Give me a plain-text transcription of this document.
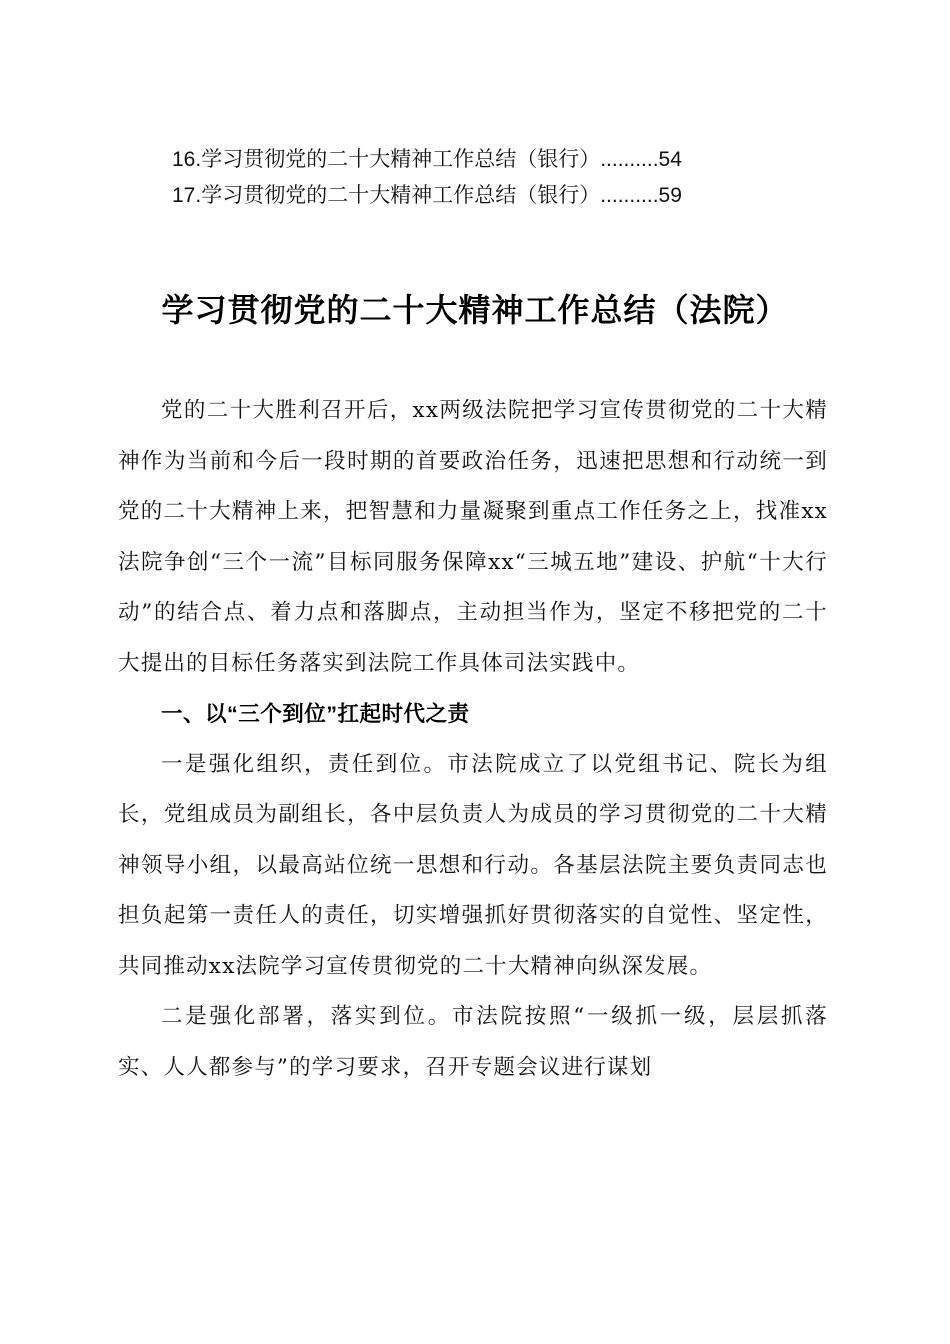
16.学习贯彻党的二十大精神工作总结（银行）..........54
17.学习贯彻党的二十大精神工作总结（银行）..........59
学习贯彻党的二十大精神工作总结（法院）

党的二十大胜利召开后，xx两级法院把学习宣传贯彻党的二十大精神作为当前和今后一段时期的首要政治任务，迅速把思想和行动统一到党的二十大精神上来，把智慧和力量凝聚到重点工作任务之上，找准xx法院争创“三个一流”目标同服务保障xx“三城五地”建设、护航“十大行动”的结合点、着力点和落脚点，主动担当作为，坚定不移把党的二十大提出的目标任务落实到法院工作具体司法实践中。

一、以“三个到位”扛起时代之责

一是强化组织，责任到位。市法院成立了以党组书记、院长为组长，党组成员为副组长，各中层负责人为成员的学习贯彻党的二十大精神领导小组，以最高站位统一思想和行动。各基层法院主要负责同志也担负起第一责任人的责任，切实增强抓好贯彻落实的自觉性、坚定性，共同推动xx法院学习宣传贯彻党的二十大精神向纵深发展。

二是强化部署，落实到位。市法院按照“一级抓一级，层层抓落实、人人都参与”的学习要求，召开专题会议进行谋划
